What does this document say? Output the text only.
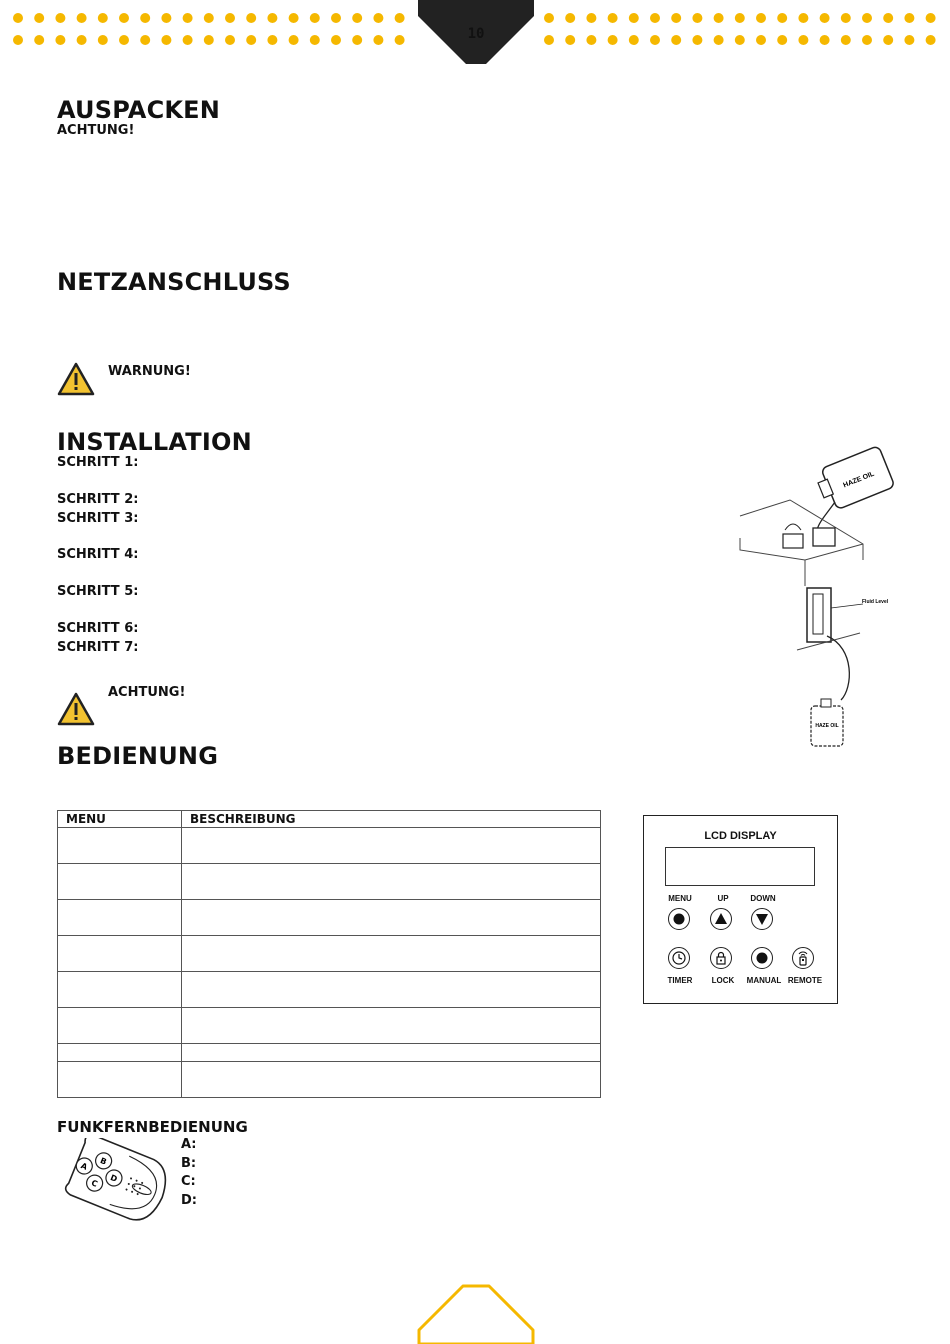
AUSPACKEN
ACHTUNG!
NETZANSCHLUSS
WARNUNG!
INSTALLATION
SCHRITT 1:
SCHRITT 2:
SCHRITT 3:
SCHRITT 4:
SCHRITT 5:
SCHRITT 6:
SCHRITT 7:
ACHTUNG!
HAZE OIL
Fluid Level
HAZE OIL
BEDIENUNG
MENU	BESCHREIBUNG

LCD DISPLAY
MENU	UP	DOWN
TIMER	LOCK	MANUAL REMOTE
FUNKFERNBEDIENUNG
A B
C D
A:
B:
C:
D:
10
